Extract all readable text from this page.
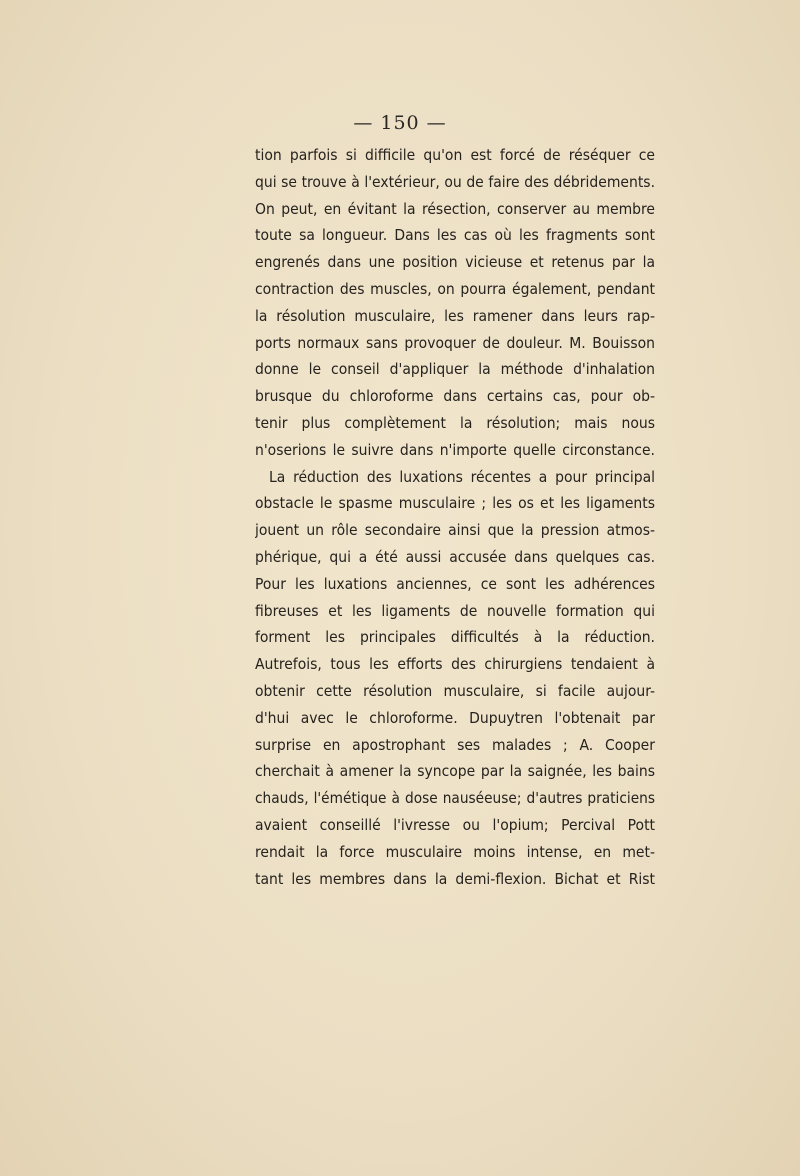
— 150 —
tion parfois si difficile qu'on est forcé de réséquer ce
qui se trouve à l'extérieur, ou de faire des débridements.
On peut, en évitant la résection, conserver au membre
toute sa longueur. Dans les cas où les fragments sont
engrenés dans une position vicieuse et retenus par la
contraction des muscles, on pourra également, pendant
la résolution musculaire, les ramener dans leurs rap-
ports normaux sans provoquer de douleur. M. Bouisson
donne le conseil d'appliquer la méthode d'inhalation
brusque du chloroforme dans certains cas, pour ob-
tenir plus complètement la résolution; mais nous
n'oserions le suivre dans n'importe quelle circonstance.
La réduction des luxations récentes a pour principal
obstacle le spasme musculaire ; les os et les ligaments
jouent un rôle secondaire ainsi que la pression atmos-
phérique, qui a été aussi accusée dans quelques cas.
Pour les luxations anciennes, ce sont les adhérences
fibreuses et les ligaments de nouvelle formation qui
forment les principales difficultés à la réduction.
Autrefois, tous les efforts des chirurgiens tendaient à
obtenir cette résolution musculaire, si facile aujour-
d'hui avec le chloroforme. Dupuytren l'obtenait par
surprise en apostrophant ses malades ; A. Cooper
cherchait à amener la syncope par la saignée, les bains
chauds, l'émétique à dose nauséeuse; d'autres praticiens
avaient conseillé l'ivresse ou l'opium; Percival Pott
rendait la force musculaire moins intense, en met-
tant les membres dans la demi-flexion. Bichat et Rist
